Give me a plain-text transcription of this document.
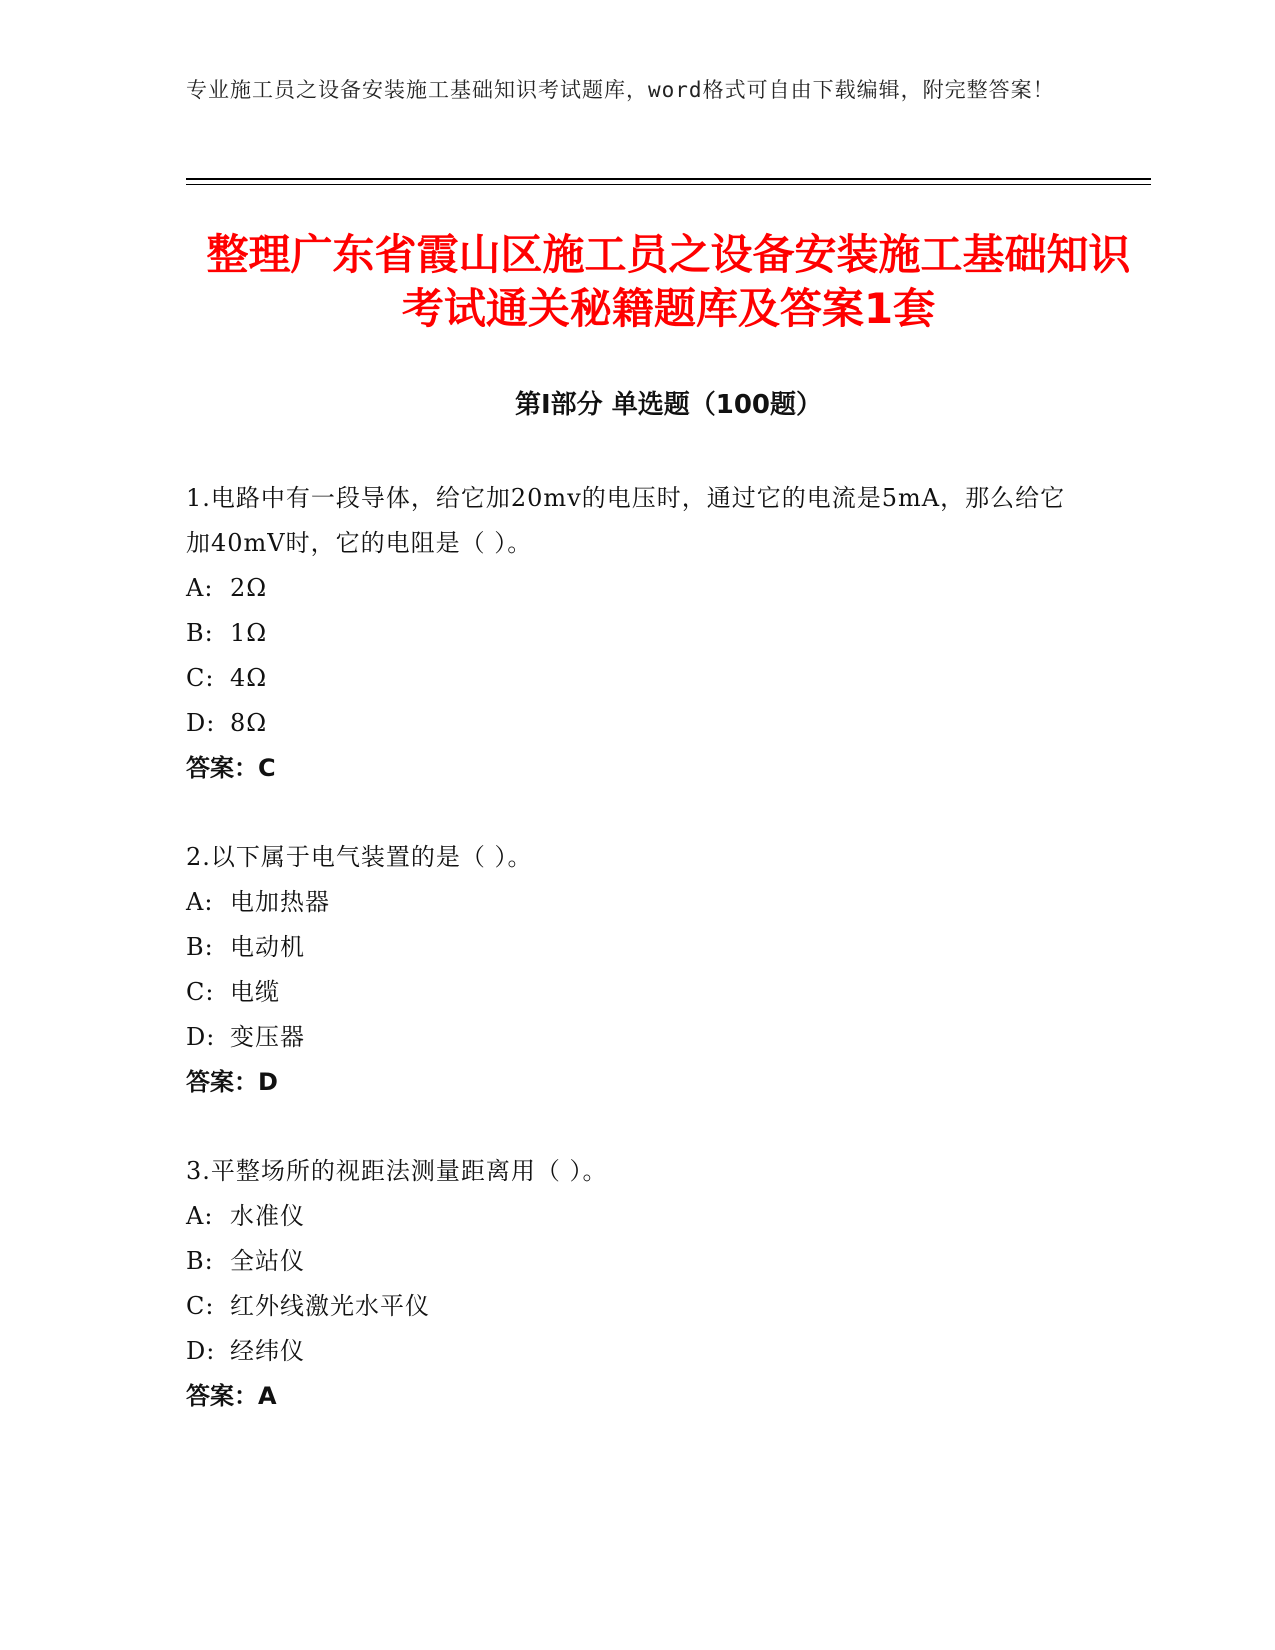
专业施工员之设备安装施工基础知识考试题库，word格式可自由下载编辑，附完整答案！
整理广东省霞山区施工员之设备安装施工基础知识考试通关秘籍题库及答案1套
第Ⅰ部分 单选题（100题）
1.电路中有一段导体，给它加20mv的电压时，通过它的电流是5mA，那么给它加40mV时，它的电阻是（ ）。
A: 2Ω
B: 1Ω
C: 4Ω
D: 8Ω
答案：C
2.以下属于电气装置的是（ ）。
A: 电加热器
B: 电动机
C: 电缆
D: 变压器
答案：D
3.平整场所的视距法测量距离用（ ）。
A: 水准仪
B: 全站仪
C: 红外线激光水平仪
D: 经纬仪
答案：A
